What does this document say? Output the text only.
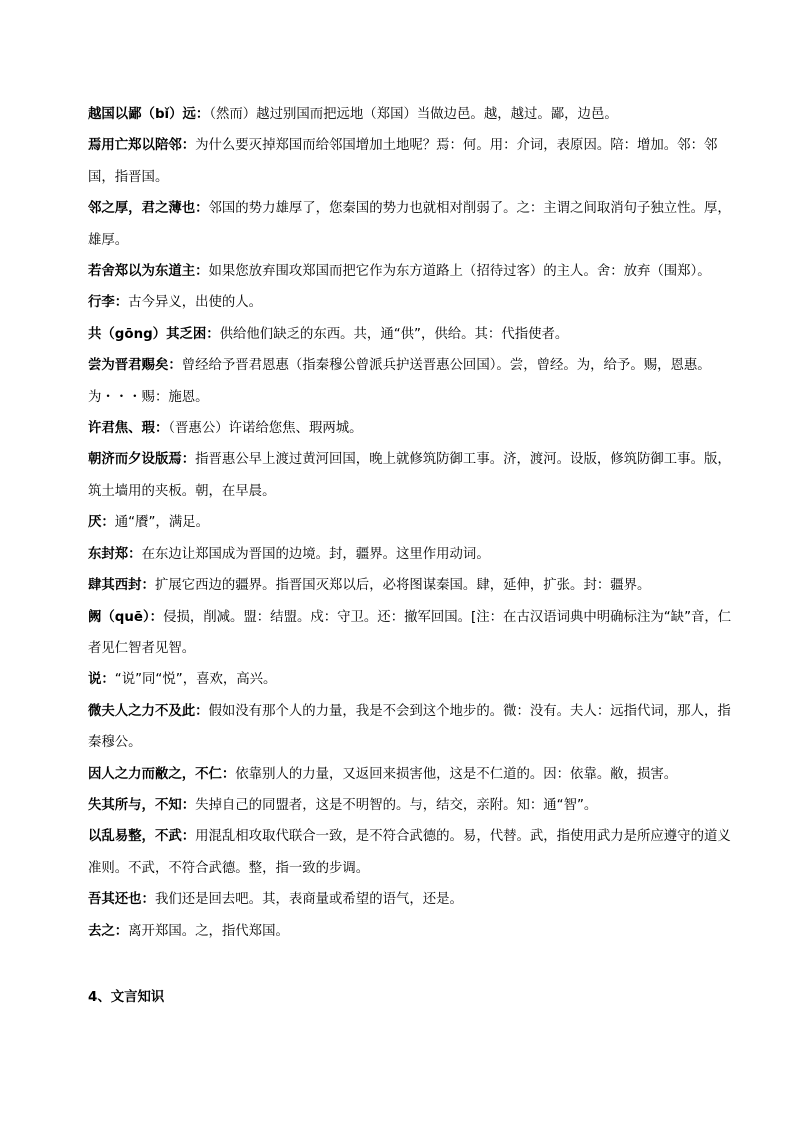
越国以鄙（bǐ）远：（然而）越过别国而把远地（郑国）当做边邑。越，越过。鄙，边邑。

焉用亡郑以陪邻：为什么要灭掉郑国而给邻国增加土地呢？焉：何。用：介词，表原因。陪：增加。邻：邻国，指晋国。

邻之厚，君之薄也：邻国的势力雄厚了，您秦国的势力也就相对削弱了。之：主谓之间取消句子独立性。厚，雄厚。

若舍郑以为东道主：如果您放弃围攻郑国而把它作为东方道路上（招待过客）的主人。舍：放弃（围郑）。

行李：古今异义，出使的人。

共（gōng）其乏困：供给他们缺乏的东西。共，通“供”，供给。其：代指使者。

尝为晋君赐矣：曾经给予晋君恩惠（指秦穆公曾派兵护送晋惠公回国）。尝，曾经。为，给予。赐，恩惠。为・・・赐：施恩。

许君焦、瑕：（晋惠公）许诺给您焦、瑕两城。

朝济而夕设版焉：指晋惠公早上渡过黄河回国，晚上就修筑防御工事。济，渡河。设版，修筑防御工事。版，筑土墙用的夹板。朝，在早晨。

厌：通“餍”，满足。

东封郑：在东边让郑国成为晋国的边境。封，疆界。这里作用动词。

肆其西封：扩展它西边的疆界。指晋国灭郑以后，必将图谋秦国。肆，延伸，扩张。封：疆界。

阙（quē）：侵损，削减。盟：结盟。戍：守卫。还：撤军回国。[注：在古汉语词典中明确标注为“缺”音，仁者见仁智者见智。

说：“说”同“悦”，喜欢，高兴。

微夫人之力不及此：假如没有那个人的力量，我是不会到这个地步的。微：没有。夫人：远指代词，那人，指秦穆公。

因人之力而敝之，不仁：依靠别人的力量，又返回来损害他，这是不仁道的。因：依靠。敝，损害。

失其所与，不知：失掉自己的同盟者，这是不明智的。与，结交，亲附。知：通“智”。

以乱易整，不武：用混乱相攻取代联合一致，是不符合武德的。易，代替。武，指使用武力是所应遵守的道义准则。不武，不符合武德。整，指一致的步调。

吾其还也：我们还是回去吧。其，表商量或希望的语气，还是。

去之：离开郑国。之，指代郑国。

4、文言知识
